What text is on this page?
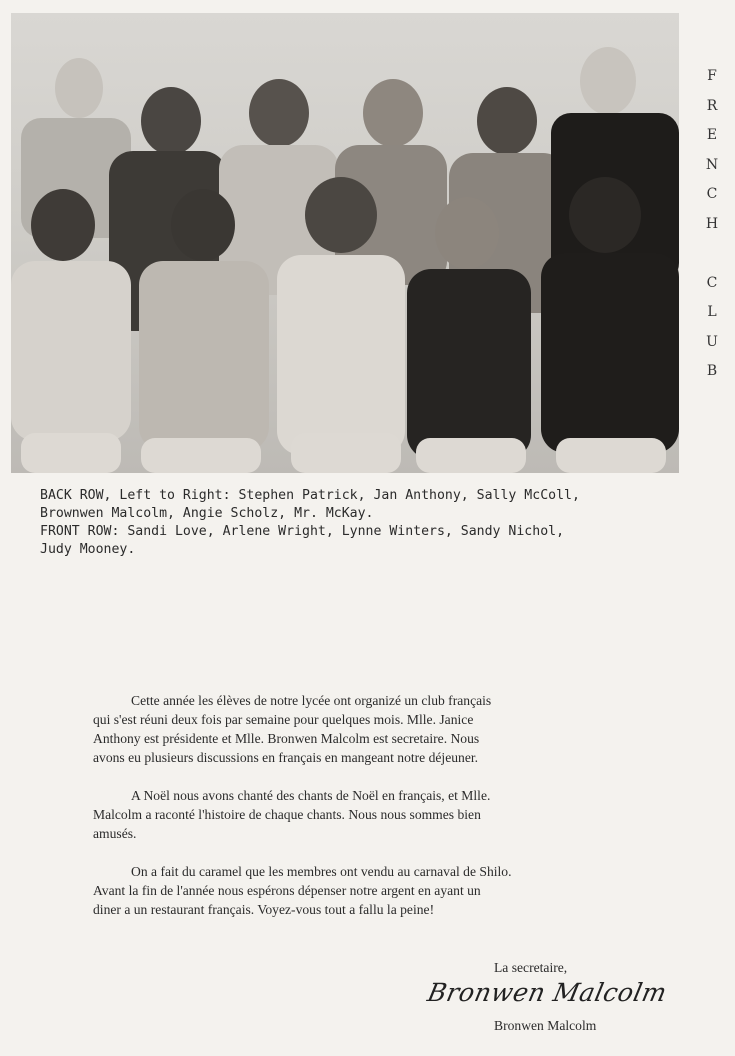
F
R
E
N
C
H
C
L
U
B

BACK ROW, Left to Right: Stephen Patrick, Jan Anthony, Sally McColl,

Brownwen Malcolm, Angie Scholz, Mr. McKay.

FRONT ROW: Sandi Love, Arlene Wright, Lynne Winters, Sandy Nichol,

Judy Mooney.

Cette année les élèves de notre lycée ont organizé un club français
qui s'est réuni deux fois par semaine pour quelques mois. Mlle. Janice
Anthony est présidente et Mlle. Bronwen Malcolm est secretaire. Nous
avons eu plusieurs discussions en français en mangeant notre déjeuner.

A Noël nous avons chanté des chants de Noël en français, et Mlle.
Malcolm a raconté l'histoire de chaque chants. Nous nous sommes bien
amusés.

On a fait du caramel que les membres ont vendu au carnaval de Shilo.
Avant la fin de l'année nous espérons dépenser notre argent en ayant un
diner a un restaurant français. Voyez-vous tout a fallu la peine!

La secretaire,
Bronwen Malcolm
Bronwen Malcolm
